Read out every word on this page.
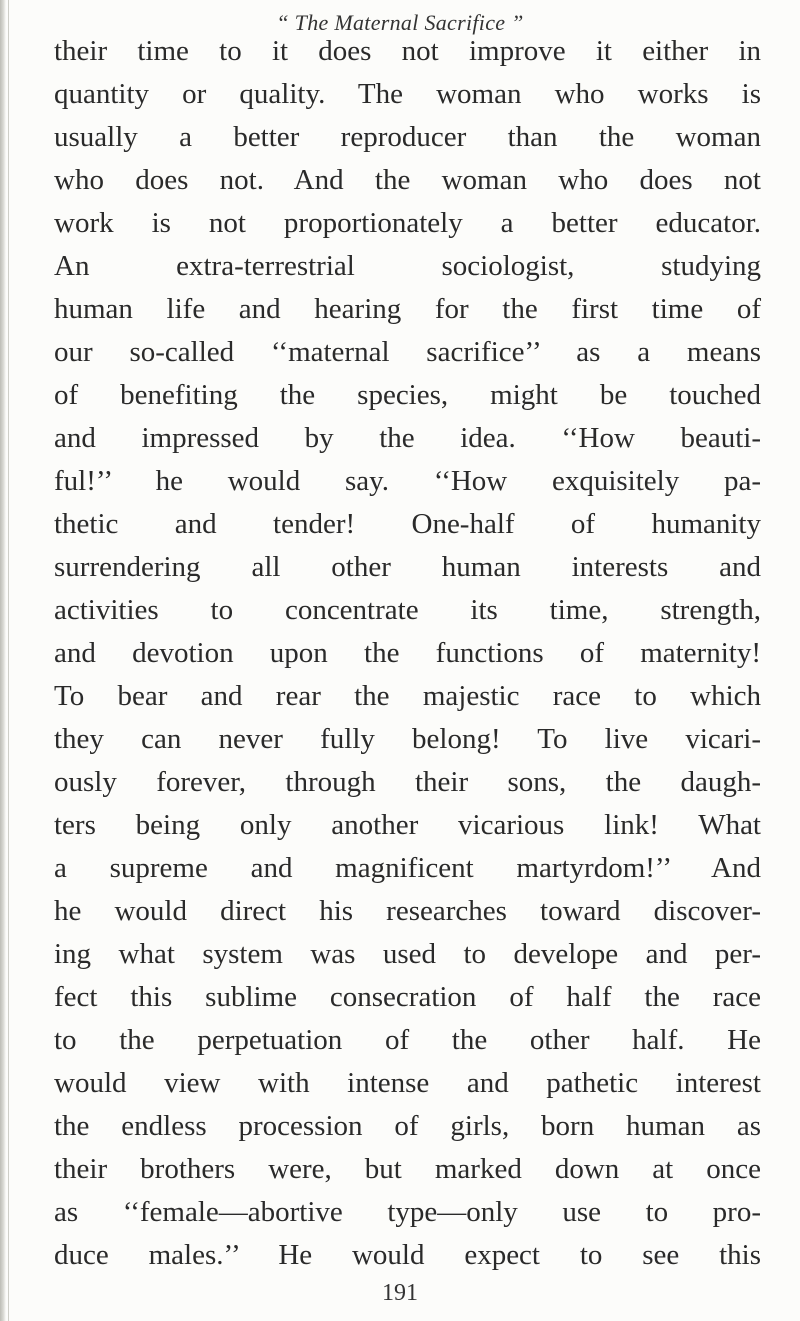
“ The Maternal Sacrifice ”
their time to it does not improve it either in
quantity or quality. The woman who works is
usually a better reproducer than the woman
who does not. And the woman who does not
work is not proportionately a better educator.
An extra-terrestrial sociologist, studying
human life and hearing for the first time of
our so-called ‘‘maternal sacrifice’’ as a means
of benefiting the species, might be touched
and impressed by the idea. ‘‘How beauti-
ful!’’ he would say. ‘‘How exquisitely pa-
thetic and tender! One-half of humanity
surrendering all other human interests and
activities to concentrate its time, strength,
and devotion upon the functions of maternity!
To bear and rear the majestic race to which
they can never fully belong! To live vicari-
ously forever, through their sons, the daugh-
ters being only another vicarious link! What
a supreme and magnificent martyrdom!’’ And
he would direct his researches toward discover-
ing what system was used to develope and per-
fect this sublime consecration of half the race
to the perpetuation of the other half. He
would view with intense and pathetic interest
the endless procession of girls, born human as
their brothers were, but marked down at once
as ‘‘female—abortive type—only use to pro-
duce males.’’ He would expect to see this
191
